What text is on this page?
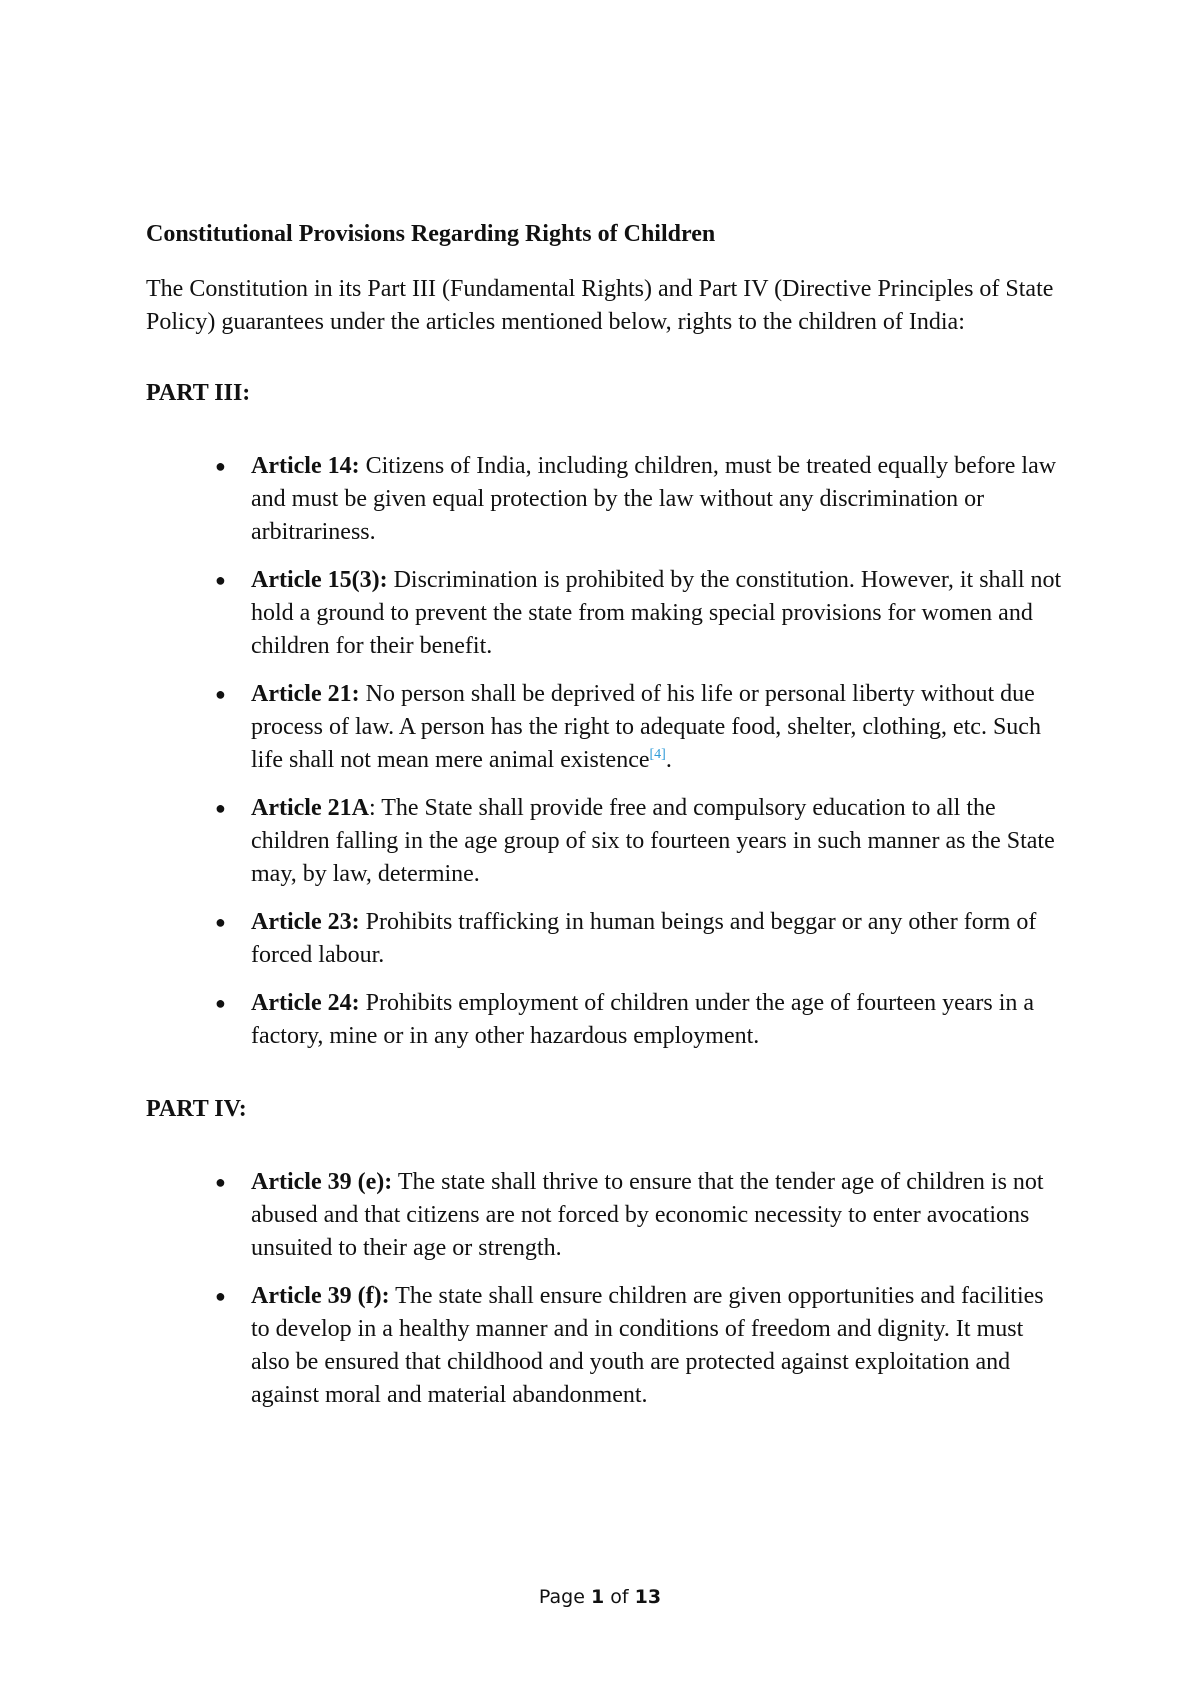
Constitutional Provisions Regarding Rights of Children

The Constitution in its Part III (Fundamental Rights) and Part IV (Directive Principles of State Policy) guarantees under the articles mentioned below, rights to the children of India:

PART III:
● Article 14: Citizens of India, including children, must be treated equally before law and must be given equal protection by the law without any discrimination or arbitrariness.
● Article 15(3): Discrimination is prohibited by the constitution. However, it shall not hold a ground to prevent the state from making special provisions for women and children for their benefit.
● Article 21: No person shall be deprived of his life or personal liberty without due process of law. A person has the right to adequate food, shelter, clothing, etc. Such life shall not mean mere animal existence[4].
● Article 21A: The State shall provide free and compulsory education to all the children falling in the age group of six to fourteen years in such manner as the State may, by law, determine.
● Article 23: Prohibits trafficking in human beings and beggar or any other form of forced labour.
● Article 24: Prohibits employment of children under the age of fourteen years in a factory, mine or in any other hazardous employment.
PART IV:
● Article 39 (e): The state shall thrive to ensure that the tender age of children is not abused and that citizens are not forced by economic necessity to enter avocations unsuited to their age or strength.
● Article 39 (f): The state shall ensure children are given opportunities and facilities to develop in a healthy manner and in conditions of freedom and dignity. It must also be ensured that childhood and youth are protected against exploitation and against moral and material abandonment.
Page 1 of 13
